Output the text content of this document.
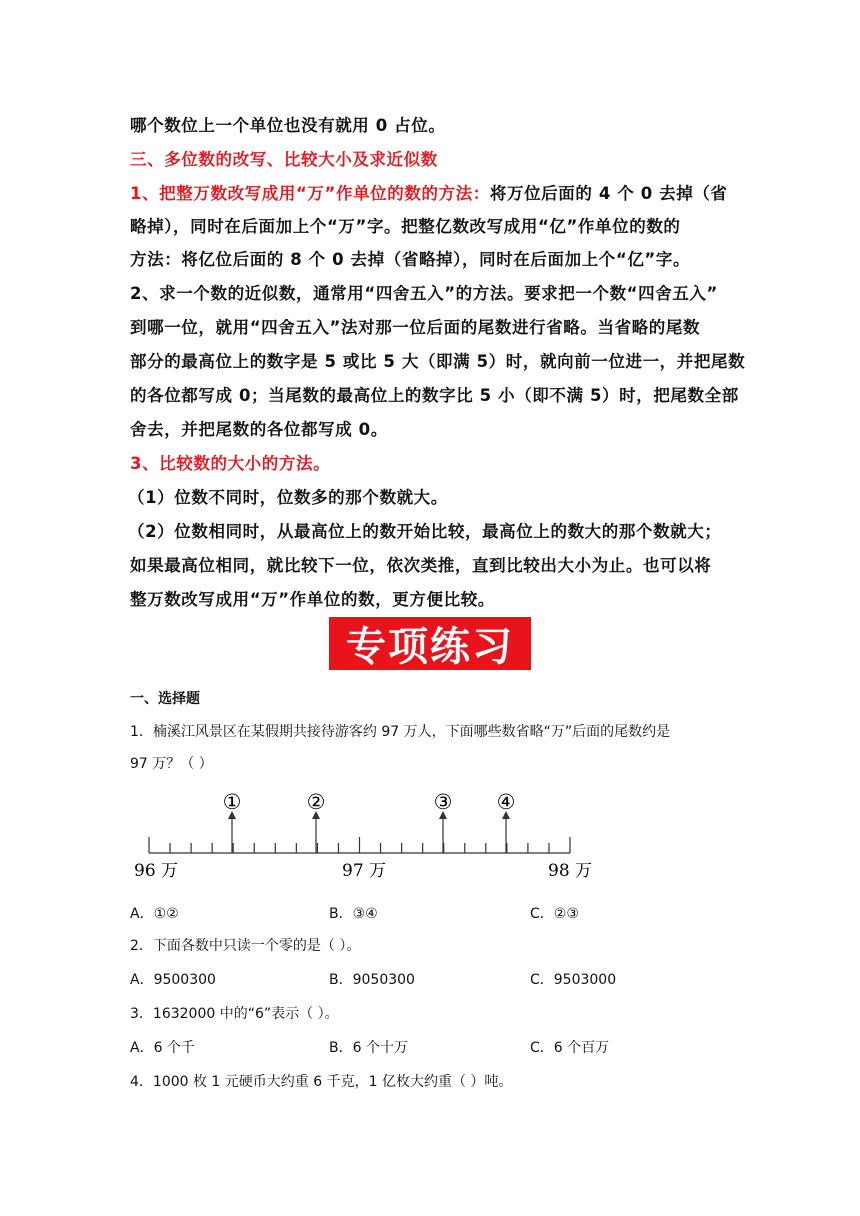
哪个数位上一个单位也没有就用 0 占位。
三、多位数的改写、比较大小及求近似数
1、把整万数改写成用“万”作单位的数的方法：将万位后面的 4 个 0 去掉（省
略掉），同时在后面加上个“万”字。把整亿数改写成用“亿”作单位的数的
方法：将亿位后面的 8 个 0 去掉（省略掉），同时在后面加上个“亿”字。
2、求一个数的近似数，通常用“四舍五入”的方法。要求把一个数“四舍五入”
到哪一位，就用“四舍五入”法对那一位后面的尾数进行省略。当省略的尾数
部分的最高位上的数字是 5 或比 5 大（即满 5）时，就向前一位进一，并把尾数
的各位都写成 0；当尾数的最高位上的数字比 5 小（即不满 5）时，把尾数全部
舍去，并把尾数的各位都写成 0。
3、比较数的大小的方法。
（1）位数不同时，位数多的那个数就大。
（2）位数相同时，从最高位上的数开始比较，最高位上的数大的那个数就大；
如果最高位相同，就比较下一位，依次类推，直到比较出大小为止。也可以将
整万数改写成用“万”作单位的数，更方便比较。
专项练习
一、选择题
1．楠溪江风景区在某假期共接待游客约 97 万人，下面哪些数省略“万”后面的尾数约是
97 万？（ ）
①	②	③ ④
96 万	97 万	98 万
A．①②	B．③④	C．②③
2．下面各数中只读一个零的是（ ）。
A．9500300	B．9050300	C．9503000
3．1632000 中的“6”表示（ ）。
A．6 个千	B．6 个十万	C．6 个百万
4．1000 枚 1 元硬币大约重 6 千克，1 亿枚大约重（ ）吨。
